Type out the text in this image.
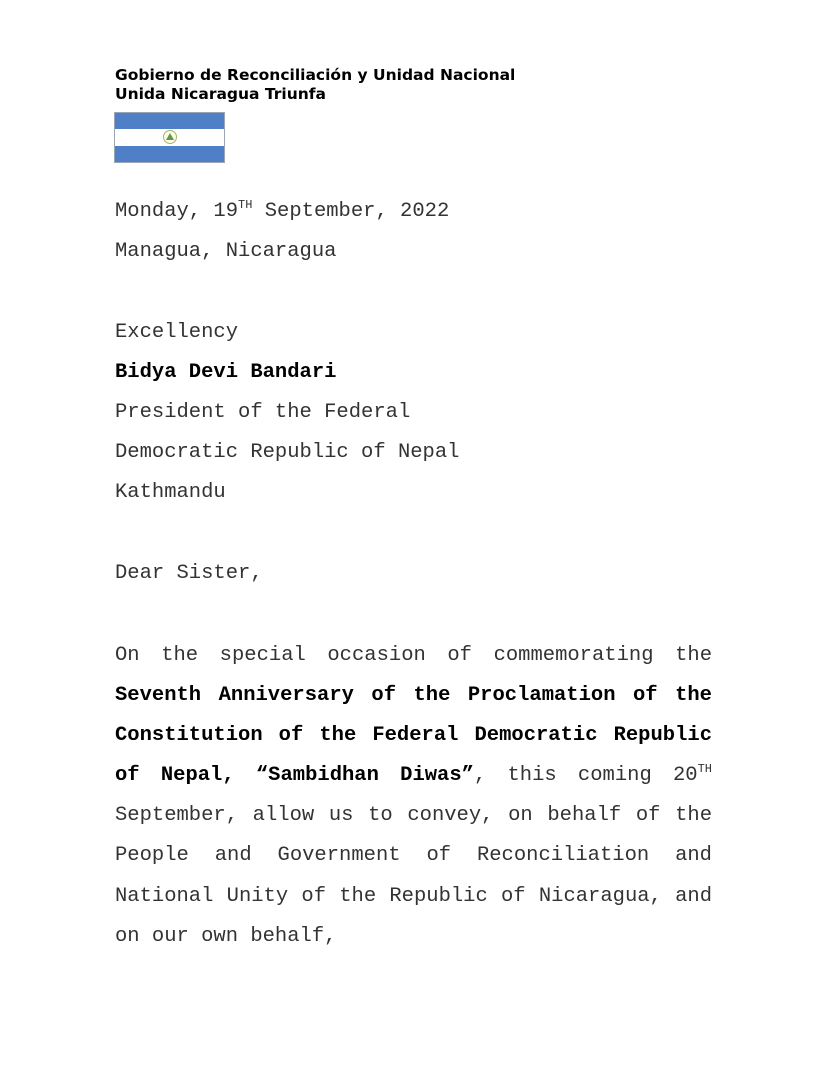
Gobierno de Reconciliación y Unidad Nacional
Unida Nicaragua Triunfa
Monday, 19TH September, 2022
Managua, Nicaragua
Excellency
Bidya Devi Bandari
President of the Federal
Democratic Republic of Nepal
Kathmandu
Dear Sister,
On the special occasion of commemorating the Seventh Anniversary of the Proclamation of the Constitution of the Federal Democratic Republic of Nepal, “Sambidhan Diwas”, this coming 20TH September, allow us to convey, on behalf of the People and Government of Reconciliation and National Unity of the Republic of Nicaragua, and on our own behalf,
